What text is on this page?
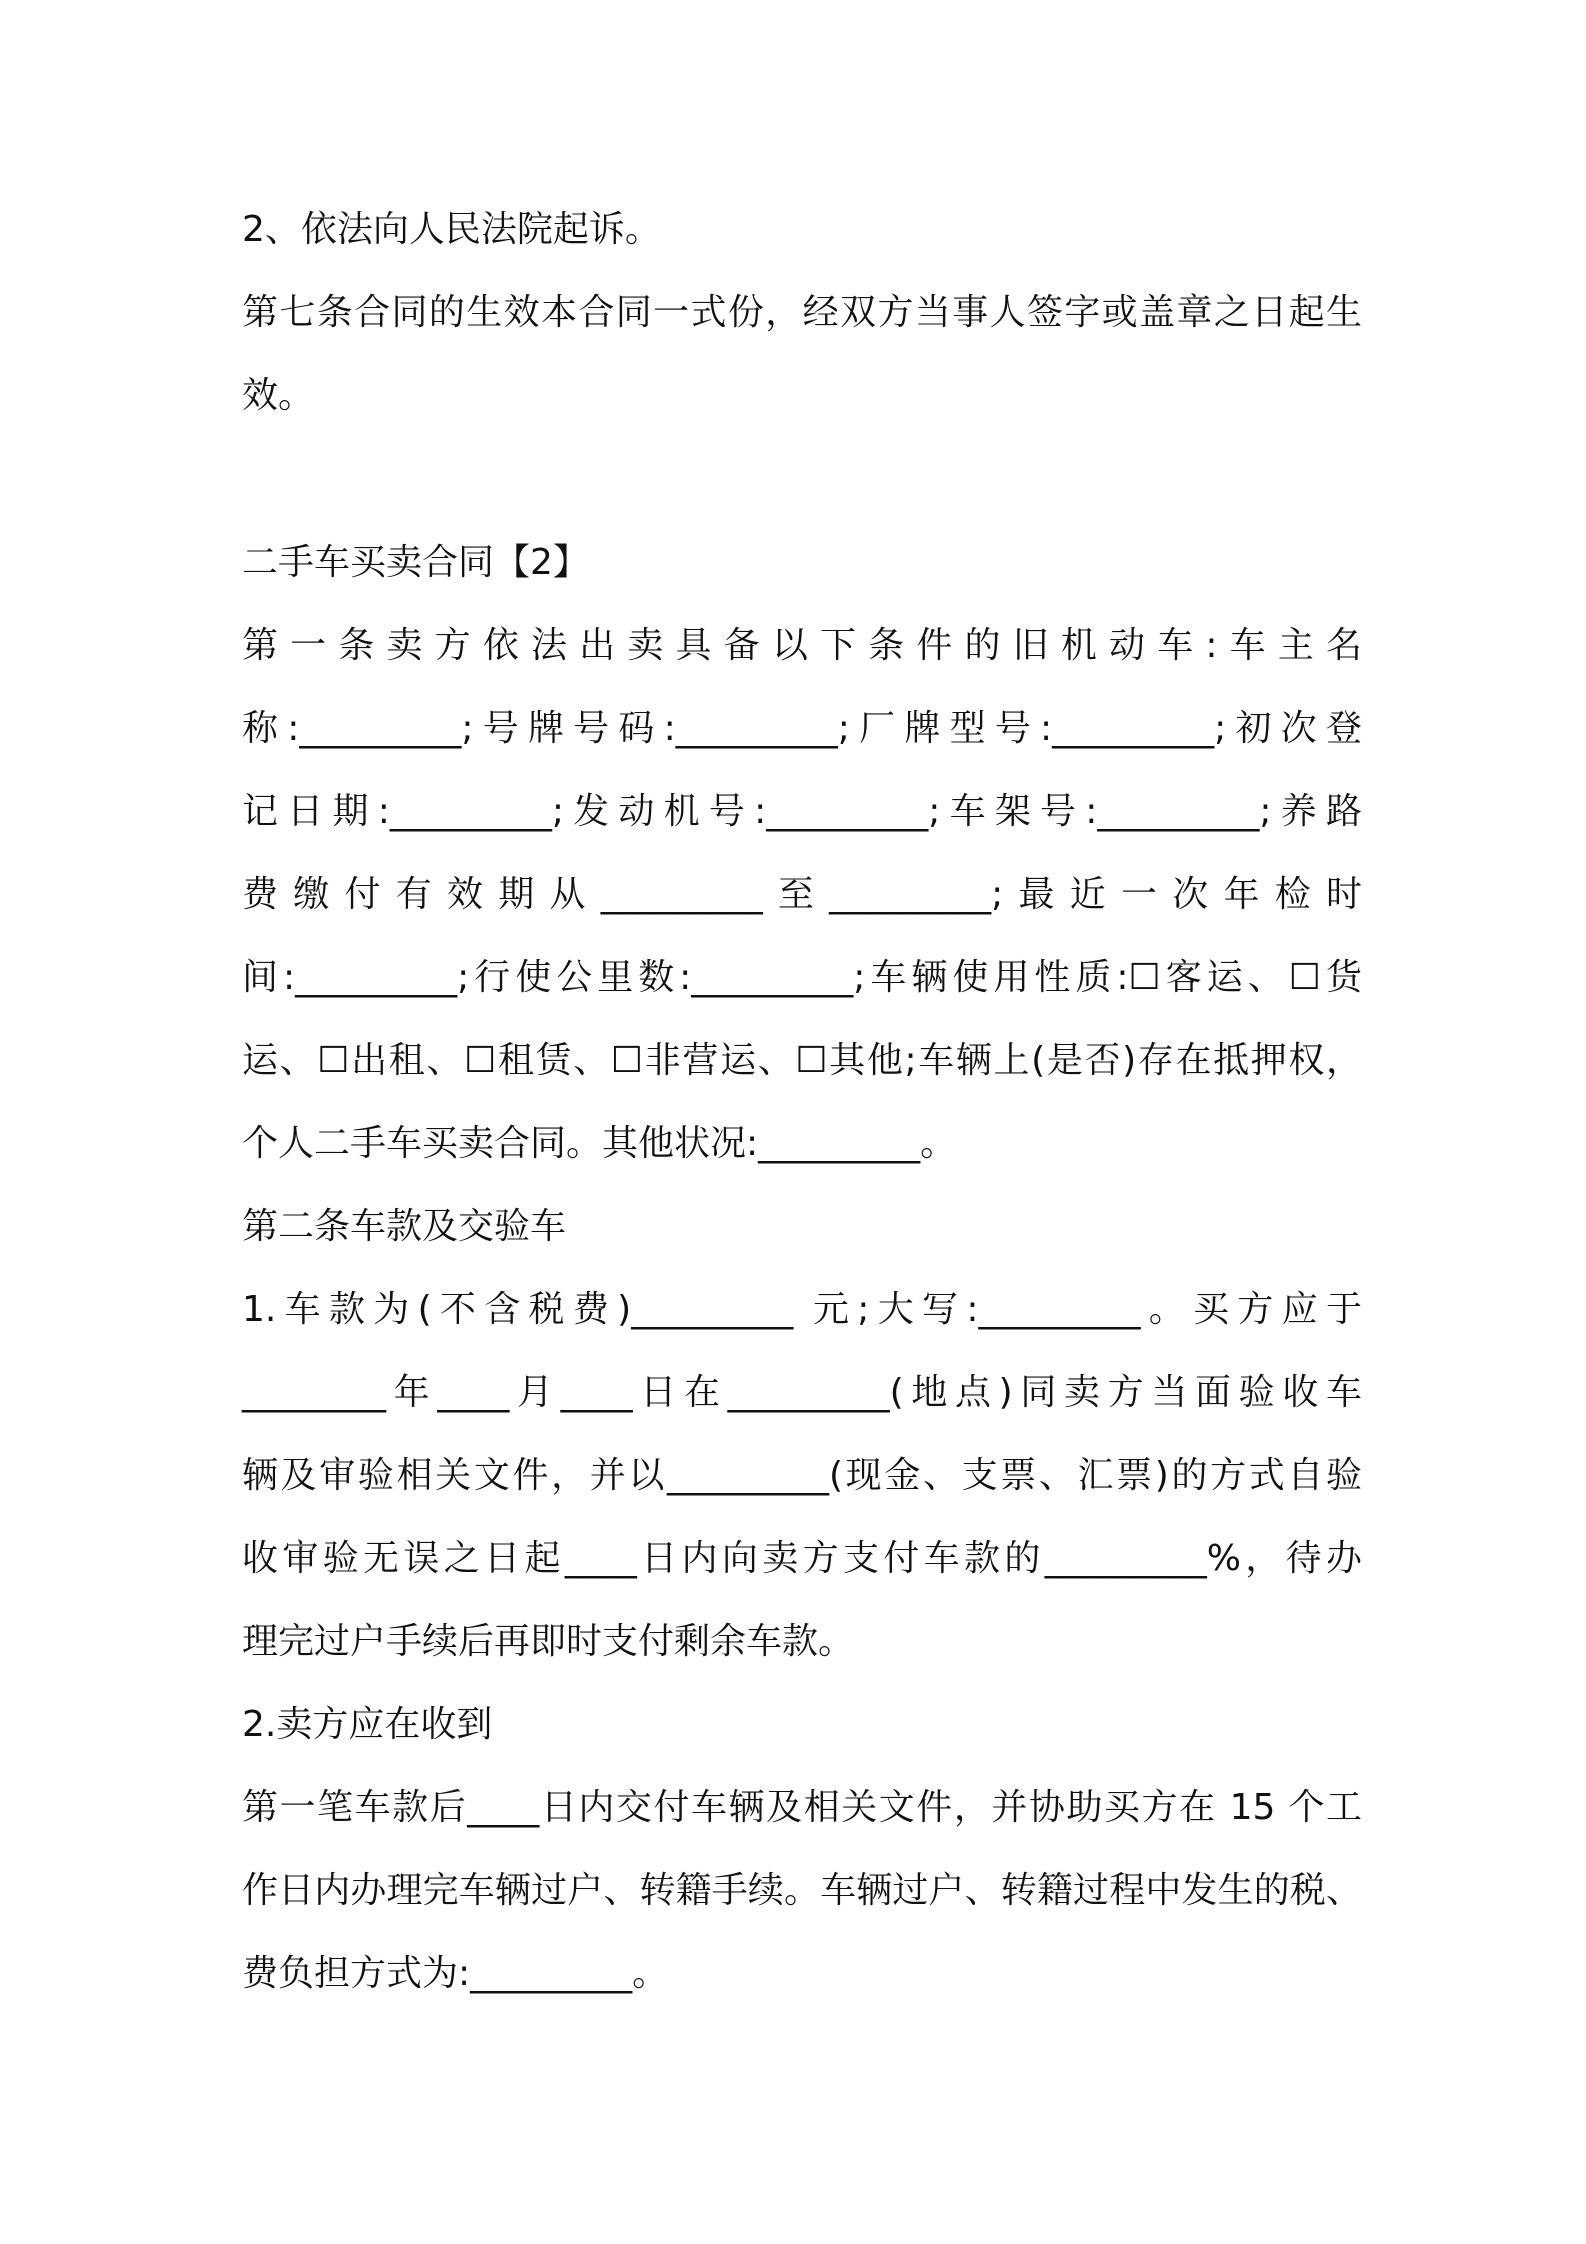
2、依法向人民法院起诉。
第七条合同的生效本合同一式份，经双方当事人签字或盖章之日起生
效。
二手车买卖合同【2】
第一条卖方依法出卖具备以下条件的旧机动车:车主名
称:_________;号牌号码:_________;厂牌型号:_________;初次登
记日期:_________;发动机号:_________;车架号:_________;养路
费缴付有效期从_________至_________;最近一次年检时
间:_________;行使公里数:_________;车辆使用性质:☐客运、☐货
运、☐出租、☐租赁、☐非营运、☐其他;车辆上(是否)存在抵押权，
个人二手车买卖合同。其他状况:_________。
第二条车款及交验车
1.车款为(不含税费)_________ 元;大写:_________。买方应于
________年____月____日在_________(地点)同卖方当面验收车
辆及审验相关文件，并以_________(现金、支票、汇票)的方式自验
收审验无误之日起____日内向卖方支付车款的_________%，待办
理完过户手续后再即时支付剩余车款。
2.卖方应在收到
第一笔车款后____日内交付车辆及相关文件，并协助买方在 15 个工
作日内办理完车辆过户、转籍手续。车辆过户、转籍过程中发生的税、
费负担方式为:_________。
